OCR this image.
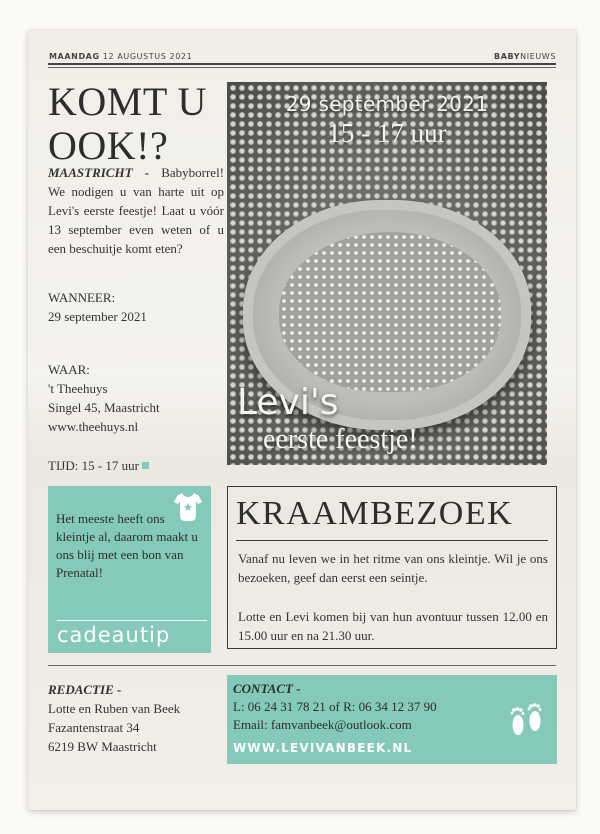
MAANDAG 12 AUGUSTUS 2021	BABYNIEUWS
KOMT U
OOK!?
MAASTRICHT - Babyborrel! We nodigen u van harte uit op Levi's eerste feestje! Laat u vóór 13 september even weten of u een beschuitje komt eten?
WANNEER:
29 september 2021
WAAR:
't Theehuys
Singel 45, Maastricht
www.theehuys.nl
TIJD: 15 - 17 uur
29 september 2021
15 - 17 uur
Levi's
eerste feestje!
Het meeste heeft ons kleintje al, daarom maakt u ons blij met een bon van Prenatal!
cadeautip
KRAAMBEZOEK
Vanaf nu leven we in het ritme van ons kleintje. Wil je ons bezoeken, geef dan eerst een seintje.
Lotte en Levi komen bij van hun avontuur tussen 12.00 en 15.00 uur en na 21.30 uur.
REDACTIE -
Lotte en Ruben van Beek
Fazantenstraat 34
6219 BW Maastricht
CONTACT -
L: 06 24 31 78 21 of R: 06 34 12 37 90
Email: famvanbeek@outlook.com
WWW.LEVIVANBEEK.NL
